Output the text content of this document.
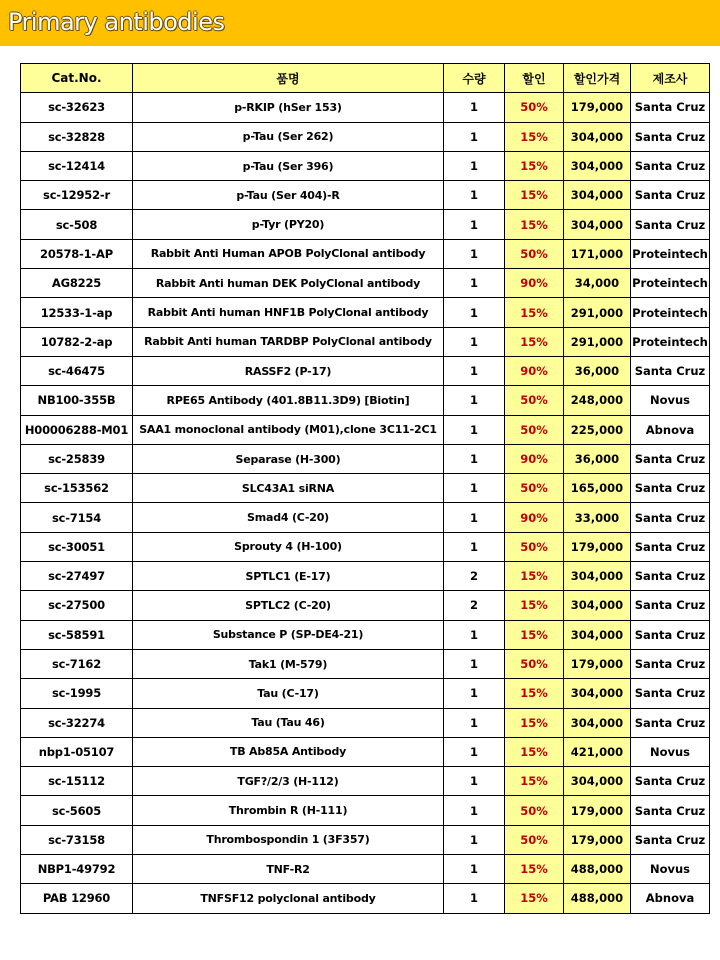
Primary antibodies
Cat.No.	품명	수량	할인	할인가격	제조사
sc-32623	p-RKIP (hSer 153)	1	50%	179,000	Santa Cruz
sc-32828	p-Tau (Ser 262)	1	15%	304,000	Santa Cruz
sc-12414	p-Tau (Ser 396)	1	15%	304,000	Santa Cruz
sc-12952-r	p-Tau (Ser 404)-R	1	15%	304,000	Santa Cruz
sc-508	p-Tyr (PY20)	1	15%	304,000	Santa Cruz
20578-1-AP	Rabbit Anti Human APOB PolyClonal antibody	1	50%	171,000	Proteintech
AG8225	Rabbit Anti human DEK PolyClonal antibody	1	90%	34,000	Proteintech
12533-1-ap	Rabbit Anti human HNF1B PolyClonal antibody	1	15%	291,000	Proteintech
10782-2-ap	Rabbit Anti human TARDBP PolyClonal antibody	1	15%	291,000	Proteintech
sc-46475	RASSF2 (P-17)	1	90%	36,000	Santa Cruz
NB100-355B	RPE65 Antibody (401.8B11.3D9) [Biotin]	1	50%	248,000	Novus
H00006288-M01	SAA1 monoclonal antibody (M01),clone 3C11-2C1	1	50%	225,000	Abnova
sc-25839	Separase (H-300)	1	90%	36,000	Santa Cruz
sc-153562	SLC43A1 siRNA	1	50%	165,000	Santa Cruz
sc-7154	Smad4 (C-20)	1	90%	33,000	Santa Cruz
sc-30051	Sprouty 4 (H-100)	1	50%	179,000	Santa Cruz
sc-27497	SPTLC1 (E-17)	2	15%	304,000	Santa Cruz
sc-27500	SPTLC2 (C-20)	2	15%	304,000	Santa Cruz
sc-58591	Substance P (SP-DE4-21)	1	15%	304,000	Santa Cruz
sc-7162	Tak1 (M-579)	1	50%	179,000	Santa Cruz
sc-1995	Tau (C-17)	1	15%	304,000	Santa Cruz
sc-32274	Tau (Tau 46)	1	15%	304,000	Santa Cruz
nbp1-05107	TB Ab85A Antibody	1	15%	421,000	Novus
sc-15112	TGF?/2/3 (H-112)	1	15%	304,000	Santa Cruz
sc-5605	Thrombin R (H-111)	1	50%	179,000	Santa Cruz
sc-73158	Thrombospondin 1 (3F357)	1	50%	179,000	Santa Cruz
NBP1-49792	TNF-R2	1	15%	488,000	Novus
PAB 12960	TNFSF12 polyclonal antibody	1	15%	488,000	Abnova
